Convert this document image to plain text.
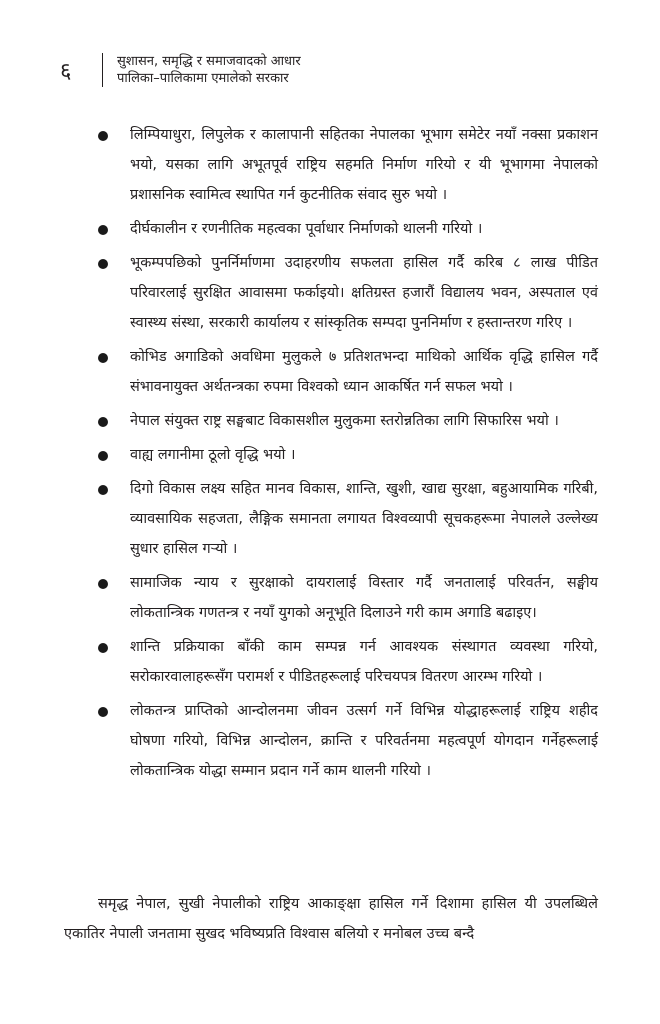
६	सुशासन, समृद्धि र समाजवादको आधार
पालिका–पालिकामा एमालेको सरकार
लिम्पियाधुरा, लिपुलेक र कालापानी सहितका नेपालका भूभाग समेटेर नयाँ नक्सा प्रकाशन भयो, यसका लागि अभूतपूर्व राष्ट्रिय सहमति निर्माण गरियो र यी भूभागमा नेपालको प्रशासनिक स्वामित्व स्थापित गर्न कुटनीतिक संवाद सुरु भयो ।
दीर्घकालीन र रणनीतिक महत्वका पूर्वाधार निर्माणको थालनी गरियो ।
भूकम्पपछिको पुनर्निर्माणमा उदाहरणीय सफलता हासिल गर्दै करिब ८ लाख पीडित परिवारलाई सुरक्षित आवासमा फर्काइयो। क्षतिग्रस्त हजारौं विद्यालय भवन, अस्पताल एवं स्वास्थ्य संस्था, सरकारी कार्यालय र सांस्कृतिक सम्पदा पुननिर्माण र हस्तान्तरण गरिए ।
कोभिड अगाडिको अवधिमा मुलुकले ७ प्रतिशतभन्दा माथिको आर्थिक वृद्धि हासिल गर्दै संभावनायुक्त अर्थतन्त्रका रुपमा विश्वको ध्यान आकर्षित गर्न सफल भयो ।
नेपाल संयुक्त राष्ट्र सङ्घबाट विकासशील मुलुकमा स्तरोन्नतिका लागि सिफारिस भयो ।
वाह्य लगानीमा ठूलो वृद्धि भयो ।
दिगो विकास लक्ष्य सहित मानव विकास, शान्ति, खुशी, खाद्य सुरक्षा, बहुआयामिक गरिबी, व्यावसायिक सहजता, लैङ्गिक समानता लगायत विश्वव्यापी सूचकहरूमा नेपालले उल्लेख्य सुधार हासिल गऱ्यो ।
सामाजिक न्याय र सुरक्षाको दायरालाई विस्तार गर्दै जनतालाई परिवर्तन, सङ्घीय लोकतान्त्रिक गणतन्त्र र नयाँ युगको अनूभूति दिलाउने गरी काम अगाडि बढाइए।
शान्ति प्रक्रियाका बाँकी काम सम्पन्न गर्न आवश्यक संस्थागत व्यवस्था गरियो, सरोकारवालाहरूसँग परामर्श र पीडितहरूलाई परिचयपत्र वितरण आरम्भ गरियो ।
लोकतन्त्र प्राप्तिको आन्दोलनमा जीवन उत्सर्ग गर्ने विभिन्न योद्धाहरूलाई राष्ट्रिय शहीद घोषणा गरियो, विभिन्न आन्दोलन, क्रान्ति र परिवर्तनमा महत्वपूर्ण योगदान गर्नेहरूलाई लोकतान्त्रिक योद्धा सम्मान प्रदान गर्ने काम थालनी गरियो ।

समृद्ध नेपाल, सुखी नेपालीको राष्ट्रिय आकाङ्क्षा हासिल गर्ने दिशामा हासिल यी उपलब्धिले एकातिर नेपाली जनतामा सुखद भविष्यप्रति विश्वास बलियो र मनोबल उच्च बन्दै
